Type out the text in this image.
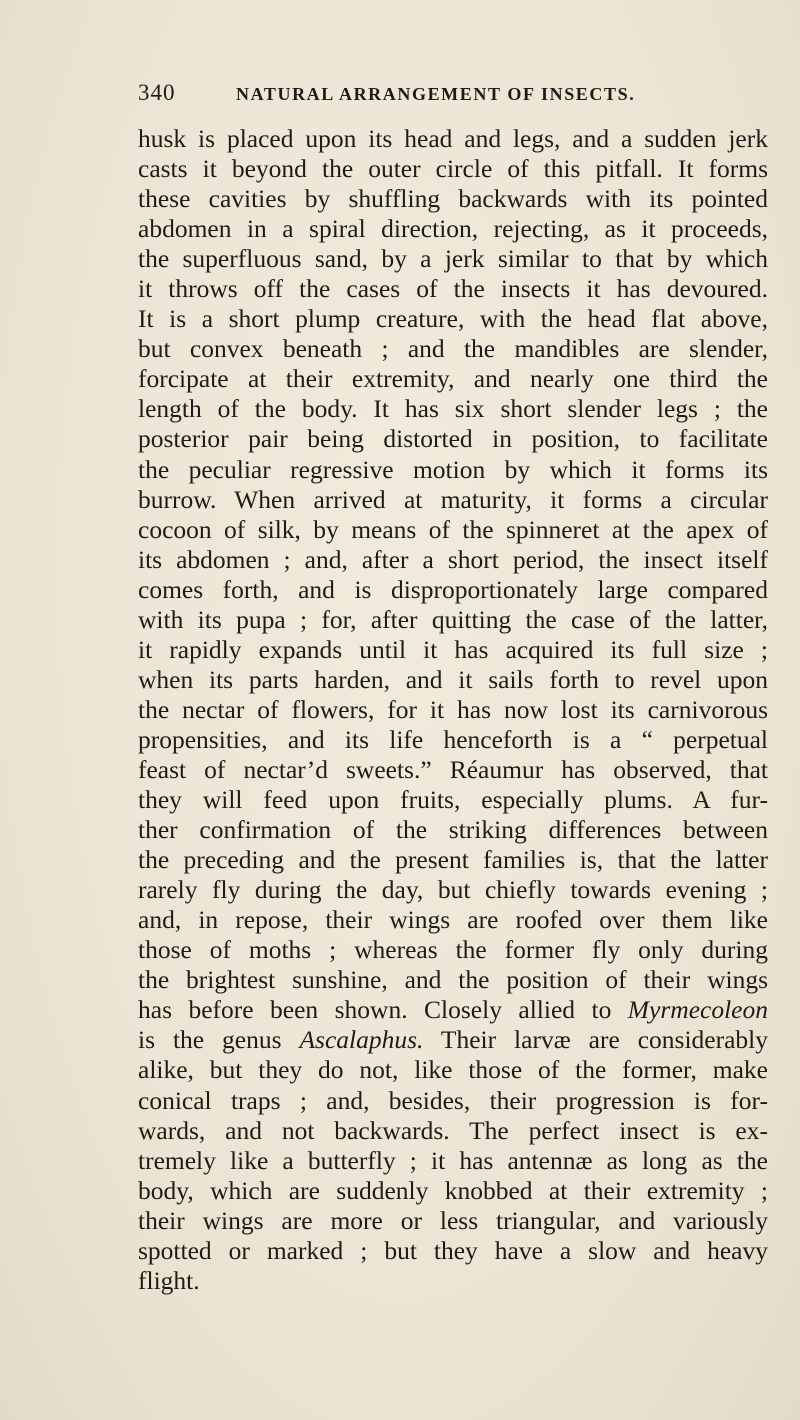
340	NATURAL ARRANGEMENT OF INSECTS.
husk is placed upon its head and legs, and a sudden jerk
casts it beyond the outer circle of this pitfall. It forms
these cavities by shuffling backwards with its pointed
abdomen in a spiral direction, rejecting, as it proceeds,
the superfluous sand, by a jerk similar to that by which
it throws off the cases of the insects it has devoured.
It is a short plump creature, with the head flat above,
but convex beneath ; and the mandibles are slender,
forcipate at their extremity, and nearly one third the
length of the body. It has six short slender legs ; the
posterior pair being distorted in position, to facilitate
the peculiar regressive motion by which it forms its
burrow. When arrived at maturity, it forms a circular
cocoon of silk, by means of the spinneret at the apex of
its abdomen ; and, after a short period, the insect itself
comes forth, and is disproportionately large compared
with its pupa ; for, after quitting the case of the latter,
it rapidly expands until it has acquired its full size ;
when its parts harden, and it sails forth to revel upon
the nectar of flowers, for it has now lost its carnivorous
propensities, and its life henceforth is a “ perpetual
feast of nectar’d sweets.” Réaumur has observed, that
they will feed upon fruits, especially plums. A fur-
ther confirmation of the striking differences between
the preceding and the present families is, that the latter
rarely fly during the day, but chiefly towards evening ;
and, in repose, their wings are roofed over them like
those of moths ; whereas the former fly only during
the brightest sunshine, and the position of their wings
has before been shown. Closely allied to Myrmecoleon
is the genus Ascalaphus. Their larvæ are considerably
alike, but they do not, like those of the former, make
conical traps ; and, besides, their progression is for-
wards, and not backwards. The perfect insect is ex-
tremely like a butterfly ; it has antennæ as long as the
body, which are suddenly knobbed at their extremity ;
their wings are more or less triangular, and variously
spotted or marked ; but they have a slow and heavy
flight.
